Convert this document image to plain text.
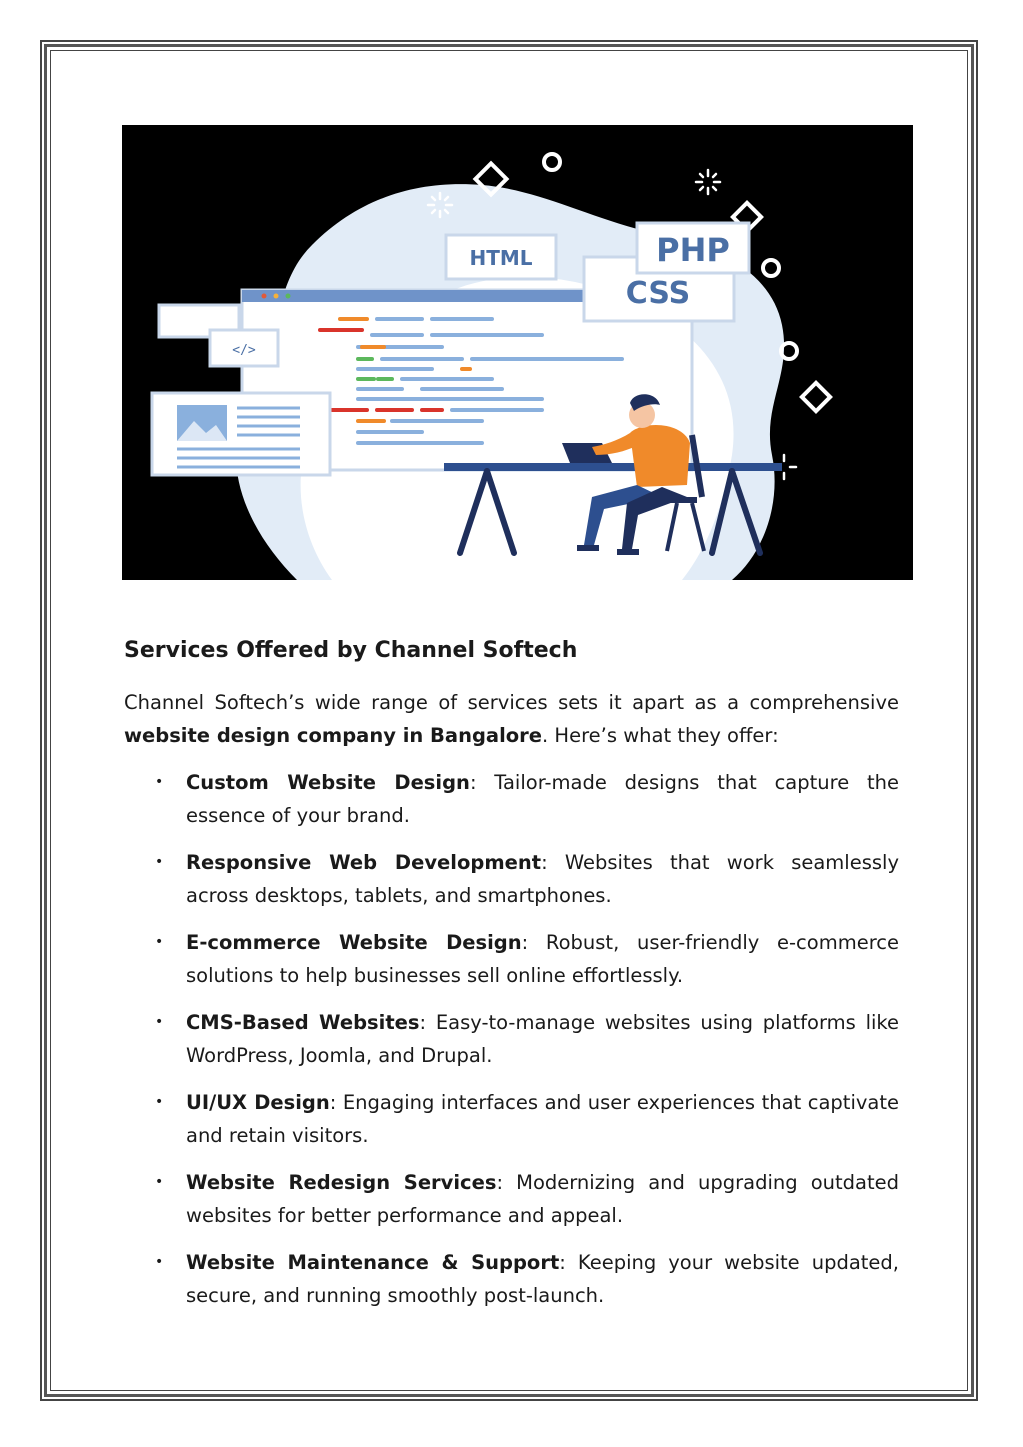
</>
HTML	PHP
CSS
Services Offered by Channel Softech

Channel Softech’s wide range of services sets it apart as a comprehensive website design company in Bangalore. Here’s what they offer:

• Custom Website Design: Tailor-made designs that capture the essence of your brand.
• Responsive Web Development: Websites that work seamlessly across desktops, tablets, and smartphones.
• E-commerce Website Design: Robust, user-friendly e-commerce solutions to help businesses sell online effortlessly.
• CMS-Based Websites: Easy-to-manage websites using platforms like WordPress, Joomla, and Drupal.
• UI/UX Design: Engaging interfaces and user experiences that captivate and retain visitors.
• Website Redesign Services: Modernizing and upgrading outdated websites for better performance and appeal.
• Website Maintenance & Support: Keeping your website updated, secure, and running smoothly post-launch.
